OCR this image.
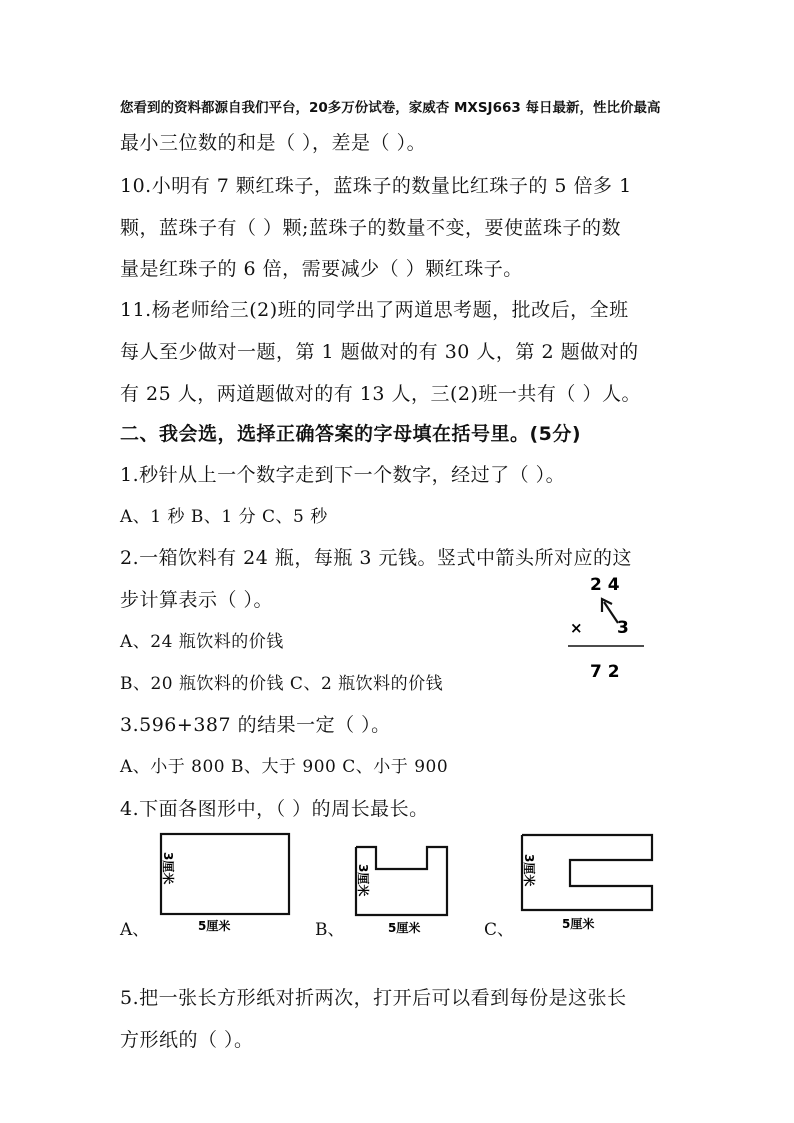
您看到的资料都源自我们平台，20多万份试卷，家威杏 MXSJ663 每日最新，性比价最高
最小三位数的和是（ ），差是（ ）。
10.小明有 7 颗红珠子，蓝珠子的数量比红珠子的 5 倍多 1
颗，蓝珠子有（ ）颗;蓝珠子的数量不变，要使蓝珠子的数
量是红珠子的 6 倍，需要减少（ ）颗红珠子。
11.杨老师给三(2)班的同学出了两道思考题，批改后，全班
每人至少做对一题，第 1 题做对的有 30 人，第 2 题做对的
有 25 人，两道题做对的有 13 人，三(2)班一共有（ ）人。
二、我会选，选择正确答案的字母填在括号里。(5分)
1.秒针从上一个数字走到下一个数字，经过了（ ）。
A、1 秒 B、1 分 C、5 秒
2.一箱饮料有 24 瓶，每瓶 3 元钱。竖式中箭头所对应的这
步计算表示（ ）。
A、24 瓶饮料的价钱
B、20 瓶饮料的价钱 C、2 瓶饮料的价钱
2 4
× 3
7 2
3.596+387 的结果一定（ ）。
A、小于 800 B、大于 900 C、小于 900
4.下面各图形中，（ ）的周长最长。
3厘米
5厘米
A、
3厘米
5厘米
B、
3厘米
5厘米
C、
5.把一张长方形纸对折两次，打开后可以看到每份是这张长
方形纸的（ ）。
